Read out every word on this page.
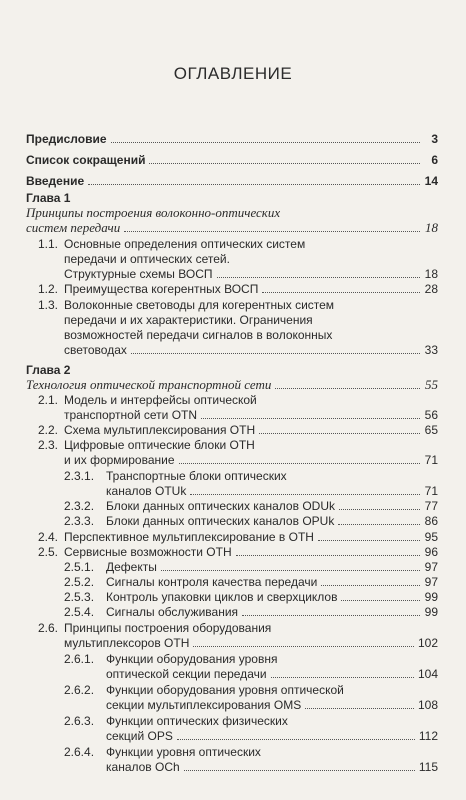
ОГЛАВЛЕНИЕ
Предисловие	3
Список сокращений	6
Введение	14
Глава 1
Принципы построения волоконно-оптических
систем передачи	18
1.1. Основные определения оптических систем
передачи и оптических сетей.
Структурные схемы ВОСП	18
1.2. Преимущества когерентных ВОСП	28
1.3. Волоконные световоды для когерентных систем
передачи и их характеристики. Ограничения
возможностей передачи сигналов в волоконных
световодах	33
Глава 2
Технология оптической транспортной сети	55
2.1. Модель и интерфейсы оптической
транспортной сети OTN	56
2.2. Схема мультиплексирования ОТН	65
2.3. Цифровые оптические блоки ОТН
и их формирование	71
2.3.1. Транспортные блоки оптических
каналов OTUk	71
2.3.2. Блоки данных оптических каналов ODUk	77
2.3.3. Блоки данных оптических каналов OPUk	86
2.4. Перспективное мультиплексирование в ОТН	95
2.5. Сервисные возможности ОТН	96
2.5.1. Дефекты	97
2.5.2. Сигналы контроля качества передачи	97
2.5.3. Контроль упаковки циклов и сверхциклов	99
2.5.4. Сигналы обслуживания	99
2.6. Принципы построения оборудования
мультиплексоров ОТН	102
2.6.1. Функции оборудования уровня
оптической секции передачи	104
2.6.2. Функции оборудования уровня оптической
секции мультиплексирования OMS	108
2.6.3. Функции оптических физических
секций OPS	112
2.6.4. Функции уровня оптических
каналов OCh	115
